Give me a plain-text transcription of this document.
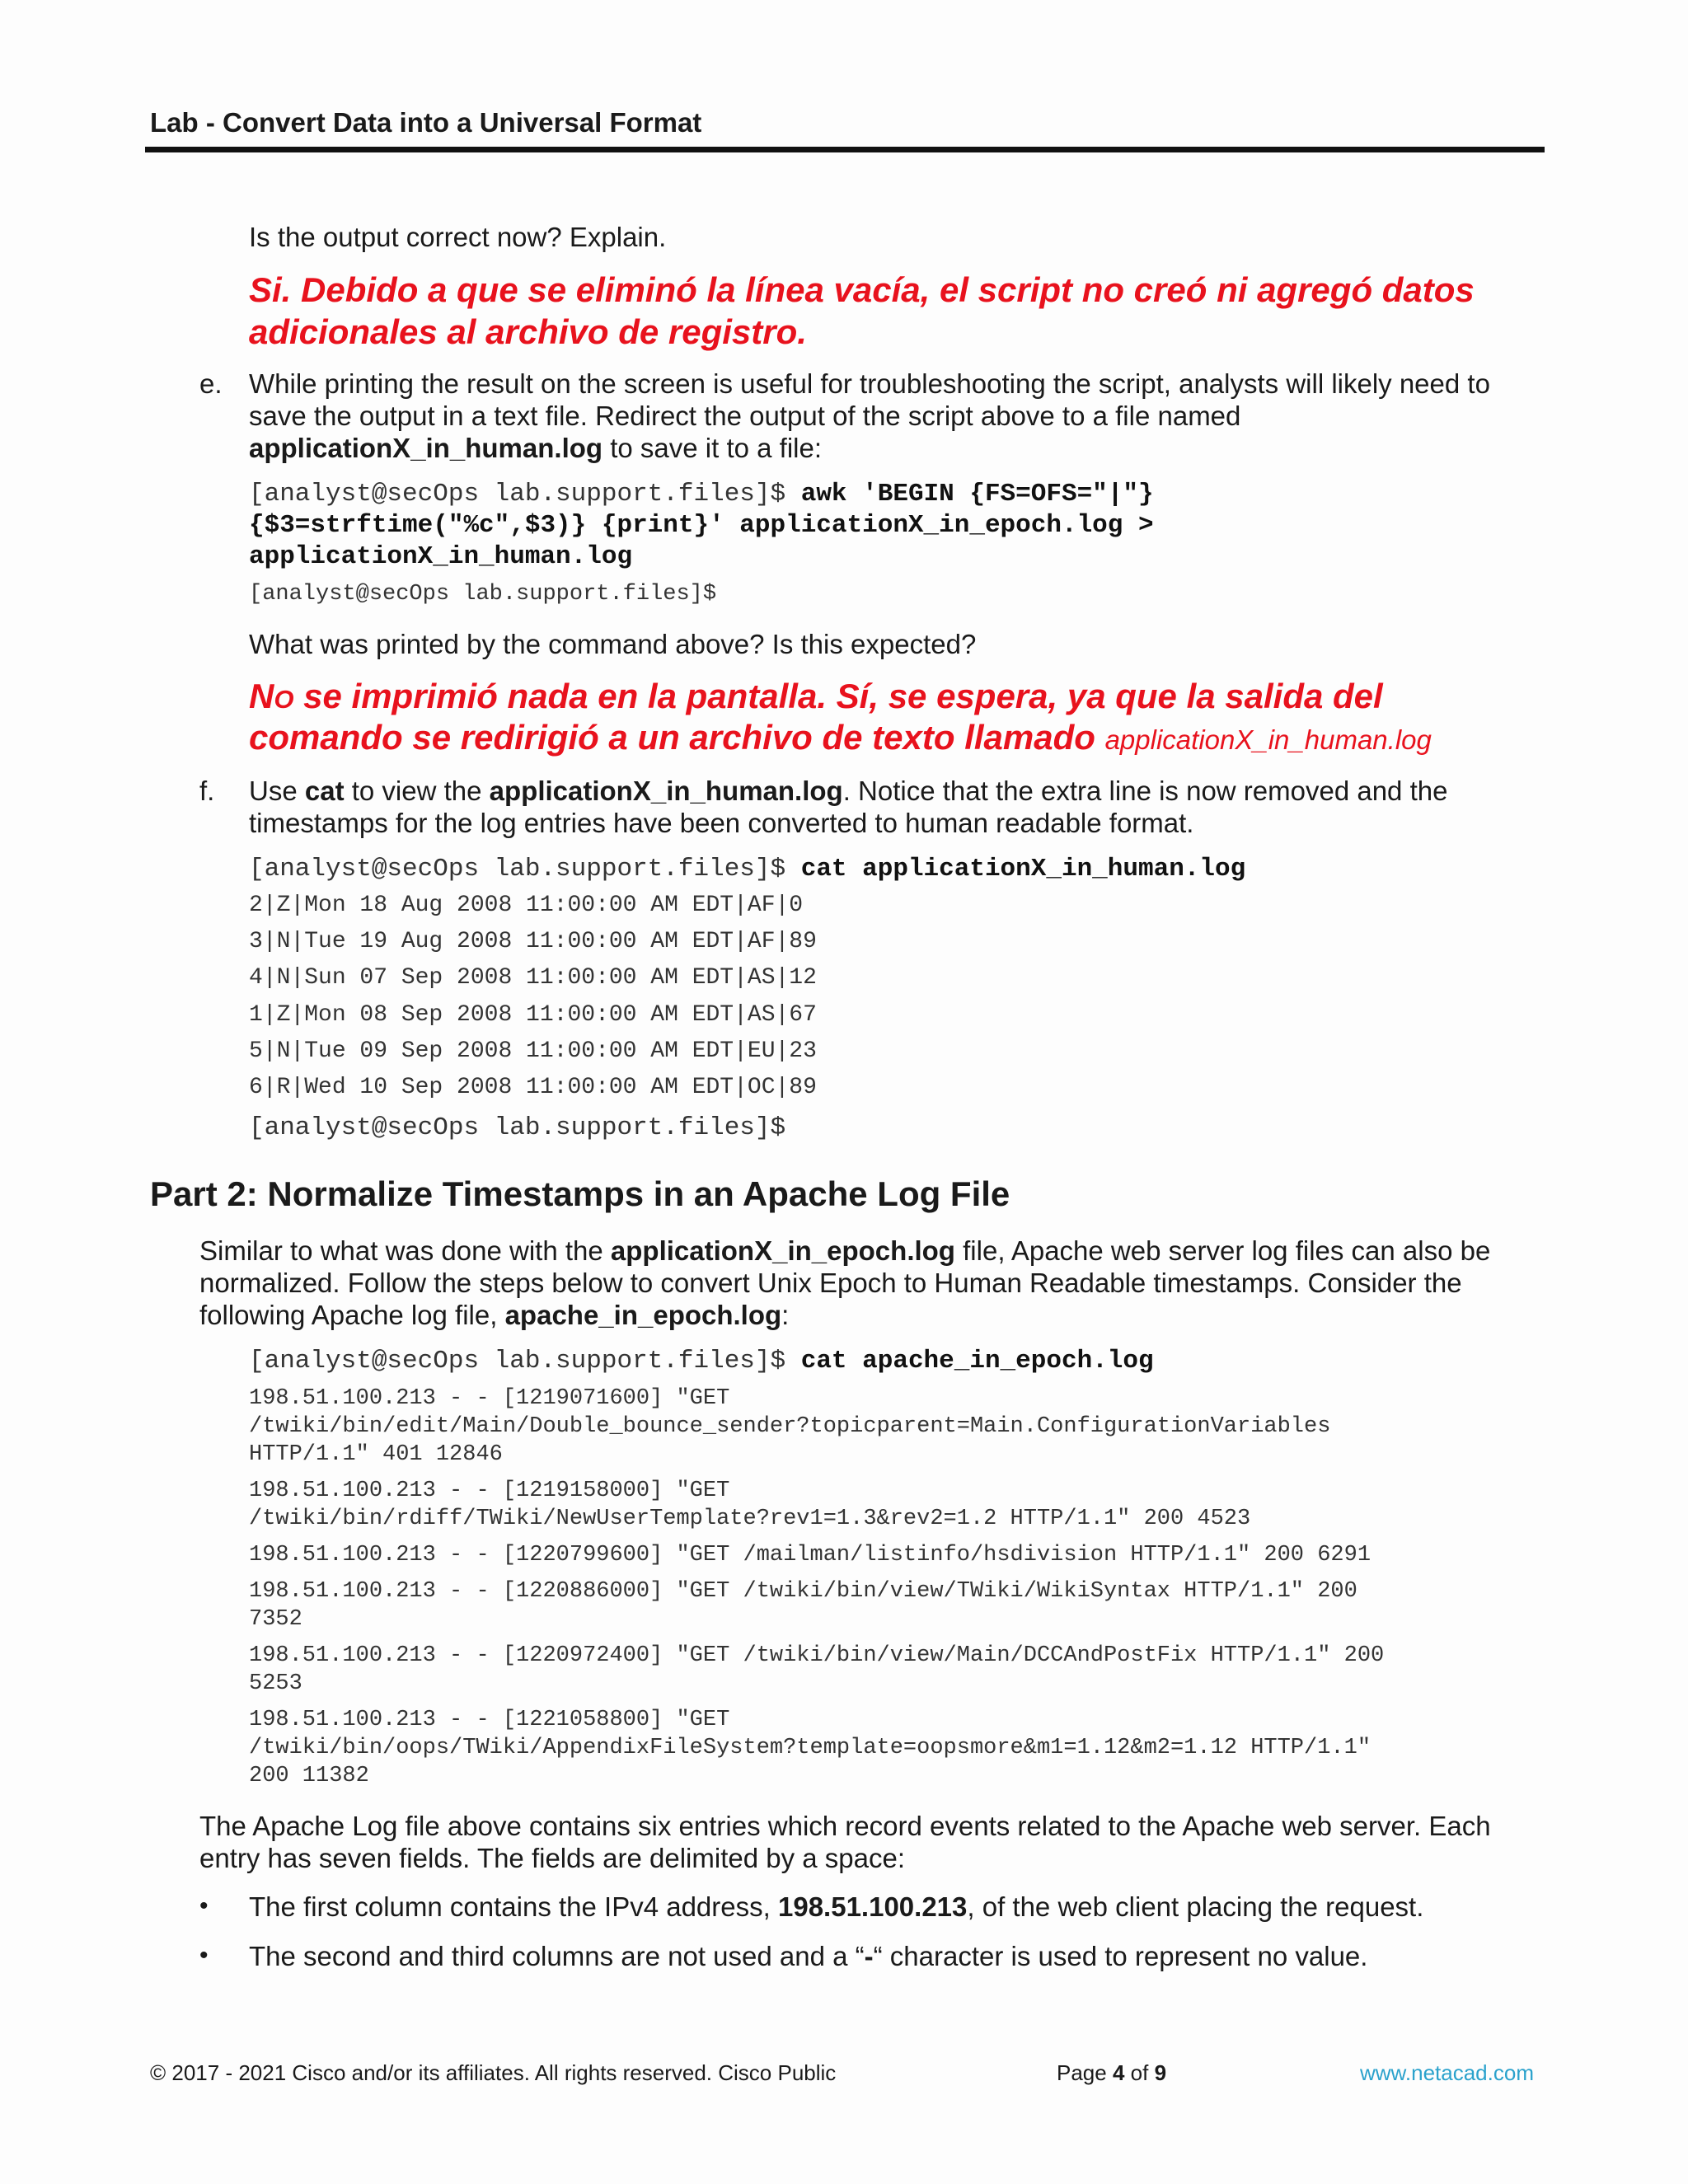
Lab - Convert Data into a Universal Format
Is the output correct now? Explain.
Si. Debido a que se eliminó la línea vacía, el script no creó ni agregó datos
adicionales al archivo de registro.
e. While printing the result on the screen is useful for troubleshooting the script, analysts will likely need to
save the output in a text file. Redirect the output of the script above to a file named
applicationX_in_human.log to save it to a file:
[analyst@secOps lab.support.files]$ awk 'BEGIN {FS=OFS="|"}
{$3=strftime("%c",$3)} {print}' applicationX_in_epoch.log >
applicationX_in_human.log
[analyst@secOps lab.support.files]$
What was printed by the command above? Is this expected?
NO se imprimió nada en la pantalla. Sí, se espera, ya que la salida del
comando se redirigió a un archivo de texto llamado applicationX_in_human.log
f. Use cat to view the applicationX_in_human.log. Notice that the extra line is now removed and the
timestamps for the log entries have been converted to human readable format.
[analyst@secOps lab.support.files]$ cat applicationX_in_human.log
2|Z|Mon 18 Aug 2008 11:00:00 AM EDT|AF|0
3|N|Tue 19 Aug 2008 11:00:00 AM EDT|AF|89
4|N|Sun 07 Sep 2008 11:00:00 AM EDT|AS|12
1|Z|Mon 08 Sep 2008 11:00:00 AM EDT|AS|67
5|N|Tue 09 Sep 2008 11:00:00 AM EDT|EU|23
6|R|Wed 10 Sep 2008 11:00:00 AM EDT|OC|89
[analyst@secOps lab.support.files]$
Part 2: Normalize Timestamps in an Apache Log File
Similar to what was done with the applicationX_in_epoch.log file, Apache web server log files can also be
normalized. Follow the steps below to convert Unix Epoch to Human Readable timestamps. Consider the
following Apache log file, apache_in_epoch.log:
[analyst@secOps lab.support.files]$ cat apache_in_epoch.log
198.51.100.213 - - [1219071600] "GET
/twiki/bin/edit/Main/Double_bounce_sender?topicparent=Main.ConfigurationVariables
HTTP/1.1" 401 12846
198.51.100.213 - - [1219158000] "GET
/twiki/bin/rdiff/TWiki/NewUserTemplate?rev1=1.3&rev2=1.2 HTTP/1.1" 200 4523
198.51.100.213 - - [1220799600] "GET /mailman/listinfo/hsdivision HTTP/1.1" 200 6291
198.51.100.213 - - [1220886000] "GET /twiki/bin/view/TWiki/WikiSyntax HTTP/1.1" 200
7352
198.51.100.213 - - [1220972400] "GET /twiki/bin/view/Main/DCCAndPostFix HTTP/1.1" 200
5253
198.51.100.213 - - [1221058800] "GET
/twiki/bin/oops/TWiki/AppendixFileSystem?template=oopsmore&m1=1.12&m2=1.12 HTTP/1.1"
200 11382
The Apache Log file above contains six entries which record events related to the Apache web server. Each
entry has seven fields. The fields are delimited by a space:
• The first column contains the IPv4 address, 198.51.100.213, of the web client placing the request.
• The second and third columns are not used and a “-“ character is used to represent no value.
© 2017 - 2021 Cisco and/or its affiliates. All rights reserved. Cisco Public	Page 4 of 9	www.netacad.com
